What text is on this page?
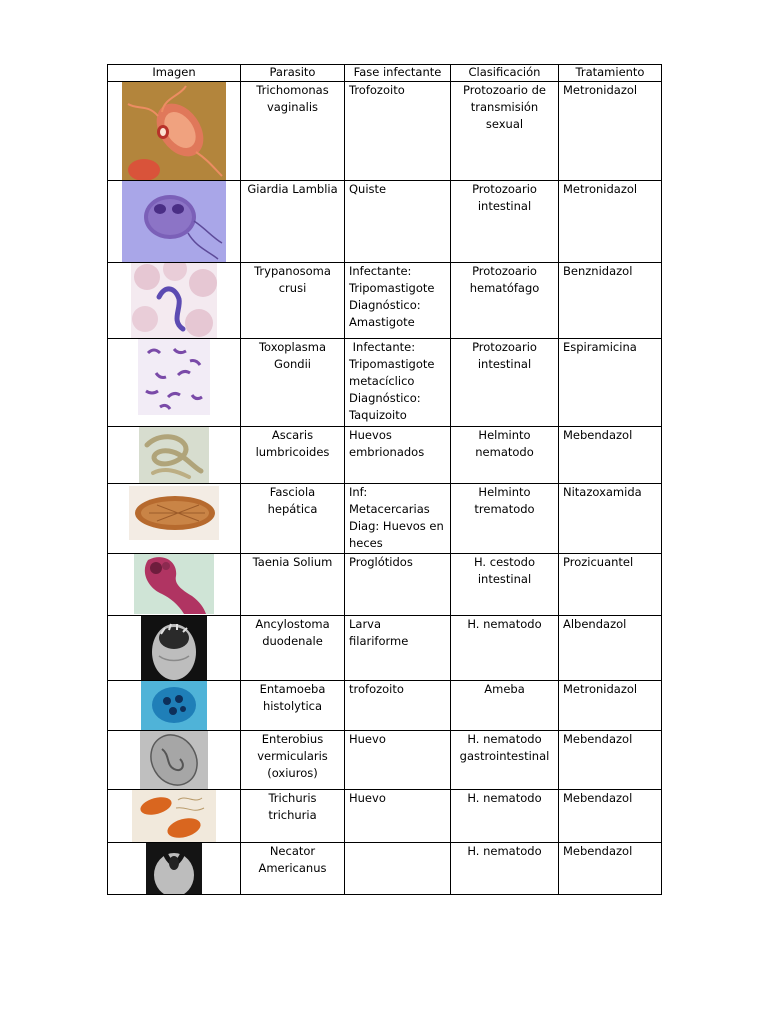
Imagen	Parasito	Fase infectante	Clasificación	Tratamiento

	Trichomonas vaginalis	Trofozoito	Protozoario de transmisión sexual	Metronidazol

	Giardia Lamblia	Quiste	Protozoario intestinal	Metronidazol

	Trypanosoma crusi	Infectante:
Tripomastigote
Diagnóstico:
Amastigote	Protozoario hematófago	Benznidazol

	Toxoplasma Gondii	Infectante:
Tripomastigote
metacíclico
Diagnóstico:
Taquizoito	Protozoario intestinal	Espiramicina

	Ascaris lumbricoides	Huevos
embrionados	Helminto nematodo	Mebendazol

	Fasciola hepática	Inf:
Metacercarias
Diag: Huevos en
heces	Helminto trematodo	Nitazoxamida

	Taenia Solium	Proglótidos	H. cestodo intestinal	Prozicuantel

	Ancylostoma duodenale	Larva
filariforme	H. nematodo	Albendazol

	Entamoeba histolytica	trofozoito	Ameba	Metronidazol

	Enterobius vermicularis (oxiuros)	Huevo	H. nematodo gastrointestinal	Mebendazol

	Trichuris trichuria	Huevo	H. nematodo	Mebendazol

	Necator Americanus		H. nematodo	Mebendazol
